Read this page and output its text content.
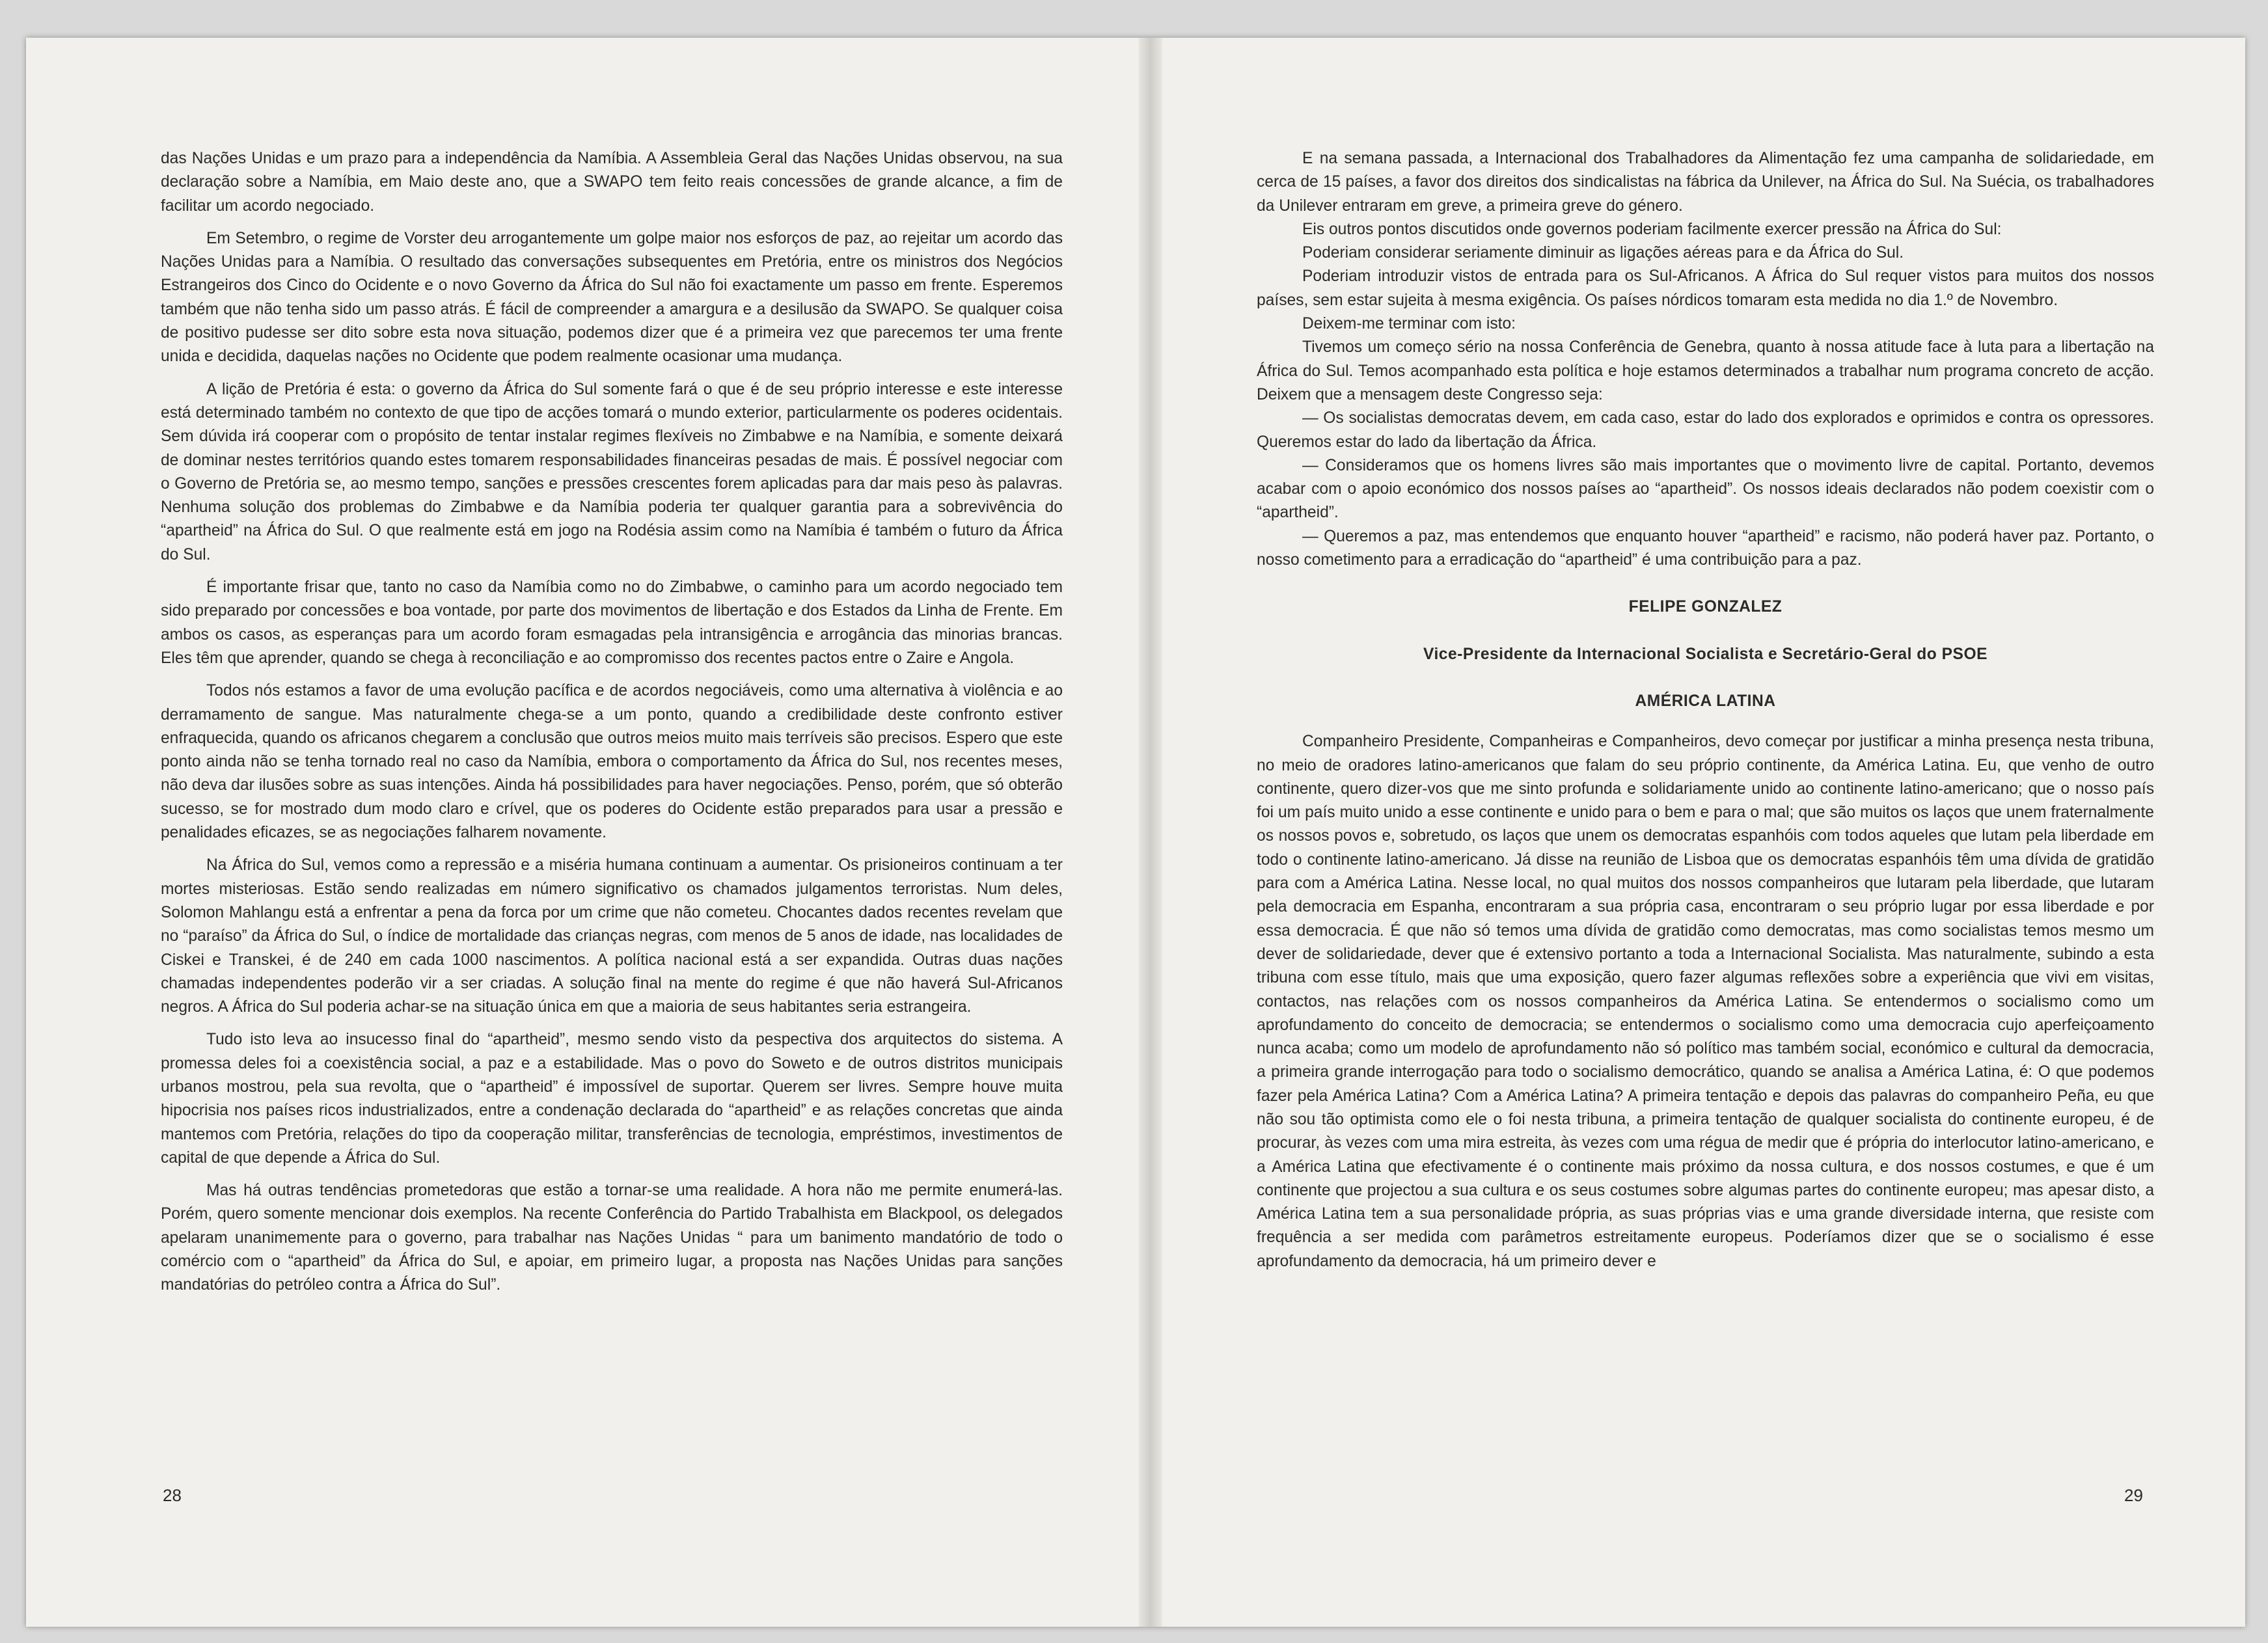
das Nações Unidas e um prazo para a independência da Namíbia. A Assembleia Geral das Nações Unidas observou, na sua declaração sobre a Namíbia, em Maio deste ano, que a SWAPO tem feito reais concessões de grande alcance, a fim de facilitar um acordo negociado.

Em Setembro, o regime de Vorster deu arrogantemente um golpe maior nos esforços de paz, ao rejeitar um acordo das Nações Unidas para a Namíbia. O resultado das conversações subsequentes em Pretória, entre os ministros dos Negócios Estrangeiros dos Cinco do Ocidente e o novo Governo da África do Sul não foi exactamente um passo em frente. Esperemos também que não tenha sido um passo atrás. É fácil de compreender a amargura e a desilusão da SWAPO. Se qualquer coisa de positivo pudesse ser dito sobre esta nova situação, podemos dizer que é a primeira vez que parecemos ter uma frente unida e decidida, daquelas nações no Ocidente que podem realmente ocasionar uma mudança.

A lição de Pretória é esta: o governo da África do Sul somente fará o que é de seu próprio interesse e este interesse está determinado também no contexto de que tipo de acções tomará o mundo exterior, particularmente os poderes ocidentais. Sem dúvida irá cooperar com o propósito de tentar instalar regimes flexíveis no Zimbabwe e na Namíbia, e somente deixará de dominar nestes territórios quando estes tomarem responsabilidades financeiras pesadas de mais. É possível negociar com o Governo de Pretória se, ao mesmo tempo, sanções e pressões crescentes forem aplicadas para dar mais peso às palavras. Nenhuma solução dos problemas do Zimbabwe e da Namíbia poderia ter qualquer garantia para a sobrevivência do “apartheid” na África do Sul. O que realmente está em jogo na Rodésia assim como na Namíbia é também o futuro da África do Sul.

É importante frisar que, tanto no caso da Namíbia como no do Zimbabwe, o caminho para um acordo negociado tem sido preparado por concessões e boa vontade, por parte dos movimentos de libertação e dos Estados da Linha de Frente. Em ambos os casos, as esperanças para um acordo foram esmagadas pela intransigência e arrogância das minorias brancas. Eles têm que aprender, quando se chega à reconciliação e ao compromisso dos recentes pactos entre o Zaire e Angola.

Todos nós estamos a favor de uma evolução pacífica e de acordos negociáveis, como uma alternativa à violência e ao derramamento de sangue. Mas naturalmente chega-se a um ponto, quando a credibilidade deste confronto estiver enfraquecida, quando os africanos chegarem a conclusão que outros meios muito mais terríveis são precisos. Espero que este ponto ainda não se tenha tornado real no caso da Namíbia, embora o comportamento da África do Sul, nos recentes meses, não deva dar ilusões sobre as suas intenções. Ainda há possibilidades para haver negociações. Penso, porém, que só obterão sucesso, se for mostrado dum modo claro e crível, que os poderes do Ocidente estão preparados para usar a pressão e penalidades eficazes, se as negociações falharem novamente.

Na África do Sul, vemos como a repressão e a miséria humana continuam a aumentar. Os prisioneiros continuam a ter mortes misteriosas. Estão sendo realizadas em número significativo os chamados julgamentos terroristas. Num deles, Solomon Mahlangu está a enfrentar a pena da forca por um crime que não cometeu. Chocantes dados recentes revelam que no “paraíso” da África do Sul, o índice de mortalidade das crianças negras, com menos de 5 anos de idade, nas localidades de Ciskei e Transkei, é de 240 em cada 1000 nascimentos. A política nacional está a ser expandida. Outras duas nações chamadas independentes poderão vir a ser criadas. A solução final na mente do regime é que não haverá Sul-Africanos negros. A África do Sul poderia achar-se na situação única em que a maioria de seus habitantes seria estrangeira.

Tudo isto leva ao insucesso final do “apartheid”, mesmo sendo visto da pespectiva dos arquitectos do sistema. A promessa deles foi a coexistência social, a paz e a estabilidade. Mas o povo do Soweto e de outros distritos municipais urbanos mostrou, pela sua revolta, que o “apartheid” é impossível de suportar. Querem ser livres. Sempre houve muita hipocrisia nos países ricos industrializados, entre a condenação declarada do “apartheid” e as relações concretas que ainda mantemos com Pretória, relações do tipo da cooperação militar, transferências de tecnologia, empréstimos, investimentos de capital de que depende a África do Sul.

Mas há outras tendências prometedoras que estão a tornar-se uma realidade. A hora não me permite enumerá-las. Porém, quero somente mencionar dois exemplos. Na recente Conferência do Partido Trabalhista em Blackpool, os delegados apelaram unanimemente para o governo, para trabalhar nas Nações Unidas “ para um banimento mandatório de todo o comércio com o “apartheid” da África do Sul, e apoiar, em primeiro lugar, a proposta nas Nações Unidas para sanções mandatórias do petróleo contra a África do Sul”.

28

E na semana passada, a Internacional dos Trabalhadores da Alimentação fez uma campanha de solidariedade, em cerca de 15 países, a favor dos direitos dos sindicalistas na fábrica da Unilever, na África do Sul. Na Suécia, os trabalhadores da Unilever entraram em greve, a primeira greve do género.

Eis outros pontos discutidos onde governos poderiam facilmente exercer pressão na África do Sul:

Poderiam considerar seriamente diminuir as ligações aéreas para e da África do Sul.

Poderiam introduzir vistos de entrada para os Sul-Africanos. A África do Sul requer vistos para muitos dos nossos países, sem estar sujeita à mesma exigência. Os países nórdicos tomaram esta medida no dia 1.º de Novembro.

Deixem-me terminar com isto:

Tivemos um começo sério na nossa Conferência de Genebra, quanto à nossa atitude face à luta para a libertação na África do Sul. Temos acompanhado esta política e hoje estamos determinados a trabalhar num programa concreto de acção. Deixem que a mensagem deste Congresso seja:

— Os socialistas democratas devem, em cada caso, estar do lado dos explorados e oprimidos e contra os opressores. Queremos estar do lado da libertação da África.

— Consideramos que os homens livres são mais importantes que o movimento livre de capital. Portanto, devemos acabar com o apoio económico dos nossos países ao “apartheid”. Os nossos ideais declarados não podem coexistir com o “apartheid”.

— Queremos a paz, mas entendemos que enquanto houver “apartheid” e racismo, não poderá haver paz. Portanto, o nosso cometimento para a erradicação do “apartheid” é uma contribuição para a paz.

FELIPE GONZALEZ

Vice-Presidente da Internacional Socialista e Secretário-Geral do PSOE

AMÉRICA LATINA

Companheiro Presidente, Companheiras e Companheiros, devo começar por justificar a minha presença nesta tribuna, no meio de oradores latino-americanos que falam do seu próprio continente, da América Latina. Eu, que venho de outro continente, quero dizer-vos que me sinto profunda e solidariamente unido ao continente latino-americano; que o nosso país foi um país muito unido a esse continente e unido para o bem e para o mal; que são muitos os laços que unem fraternalmente os nossos povos e, sobretudo, os laços que unem os democratas espanhóis com todos aqueles que lutam pela liberdade em todo o continente latino-americano. Já disse na reunião de Lisboa que os democratas espanhóis têm uma dívida de gratidão para com a América Latina. Nesse local, no qual muitos dos nossos companheiros que lutaram pela liberdade, que lutaram pela democracia em Espanha, encontraram a sua própria casa, encontraram o seu próprio lugar por essa liberdade e por essa democracia. É que não só temos uma dívida de gratidão como democratas, mas como socialistas temos mesmo um dever de solidariedade, dever que é extensivo portanto a toda a Internacional Socialista. Mas naturalmente, subindo a esta tribuna com esse título, mais que uma exposição, quero fazer algumas reflexões sobre a experiência que vivi em visitas, contactos, nas relações com os nossos companheiros da América Latina. Se entendermos o socialismo como um aprofundamento do conceito de democracia; se entendermos o socialismo como uma democracia cujo aperfeiçoamento nunca acaba; como um modelo de aprofundamento não só político mas também social, económico e cultural da democracia, a primeira grande interrogação para todo o socialismo democrático, quando se analisa a América Latina, é: O que podemos fazer pela América Latina? Com a América Latina? A primeira tentação e depois das palavras do companheiro Peña, eu que não sou tão optimista como ele o foi nesta tribuna, a primeira tentação de qualquer socialista do continente europeu, é de procurar, às vezes com uma mira estreita, às vezes com uma régua de medir que é própria do interlocutor latino-americano, e a América Latina que efectivamente é o continente mais próximo da nossa cultura, e dos nossos costumes, e que é um continente que projectou a sua cultura e os seus costumes sobre algumas partes do continente europeu; mas apesar disto, a América Latina tem a sua personalidade própria, as suas próprias vias e uma grande diversidade interna, que resiste com frequência a ser medida com parâmetros estreitamente europeus. Poderíamos dizer que se o socialismo é esse aprofundamento da democracia, há um primeiro dever e

29
